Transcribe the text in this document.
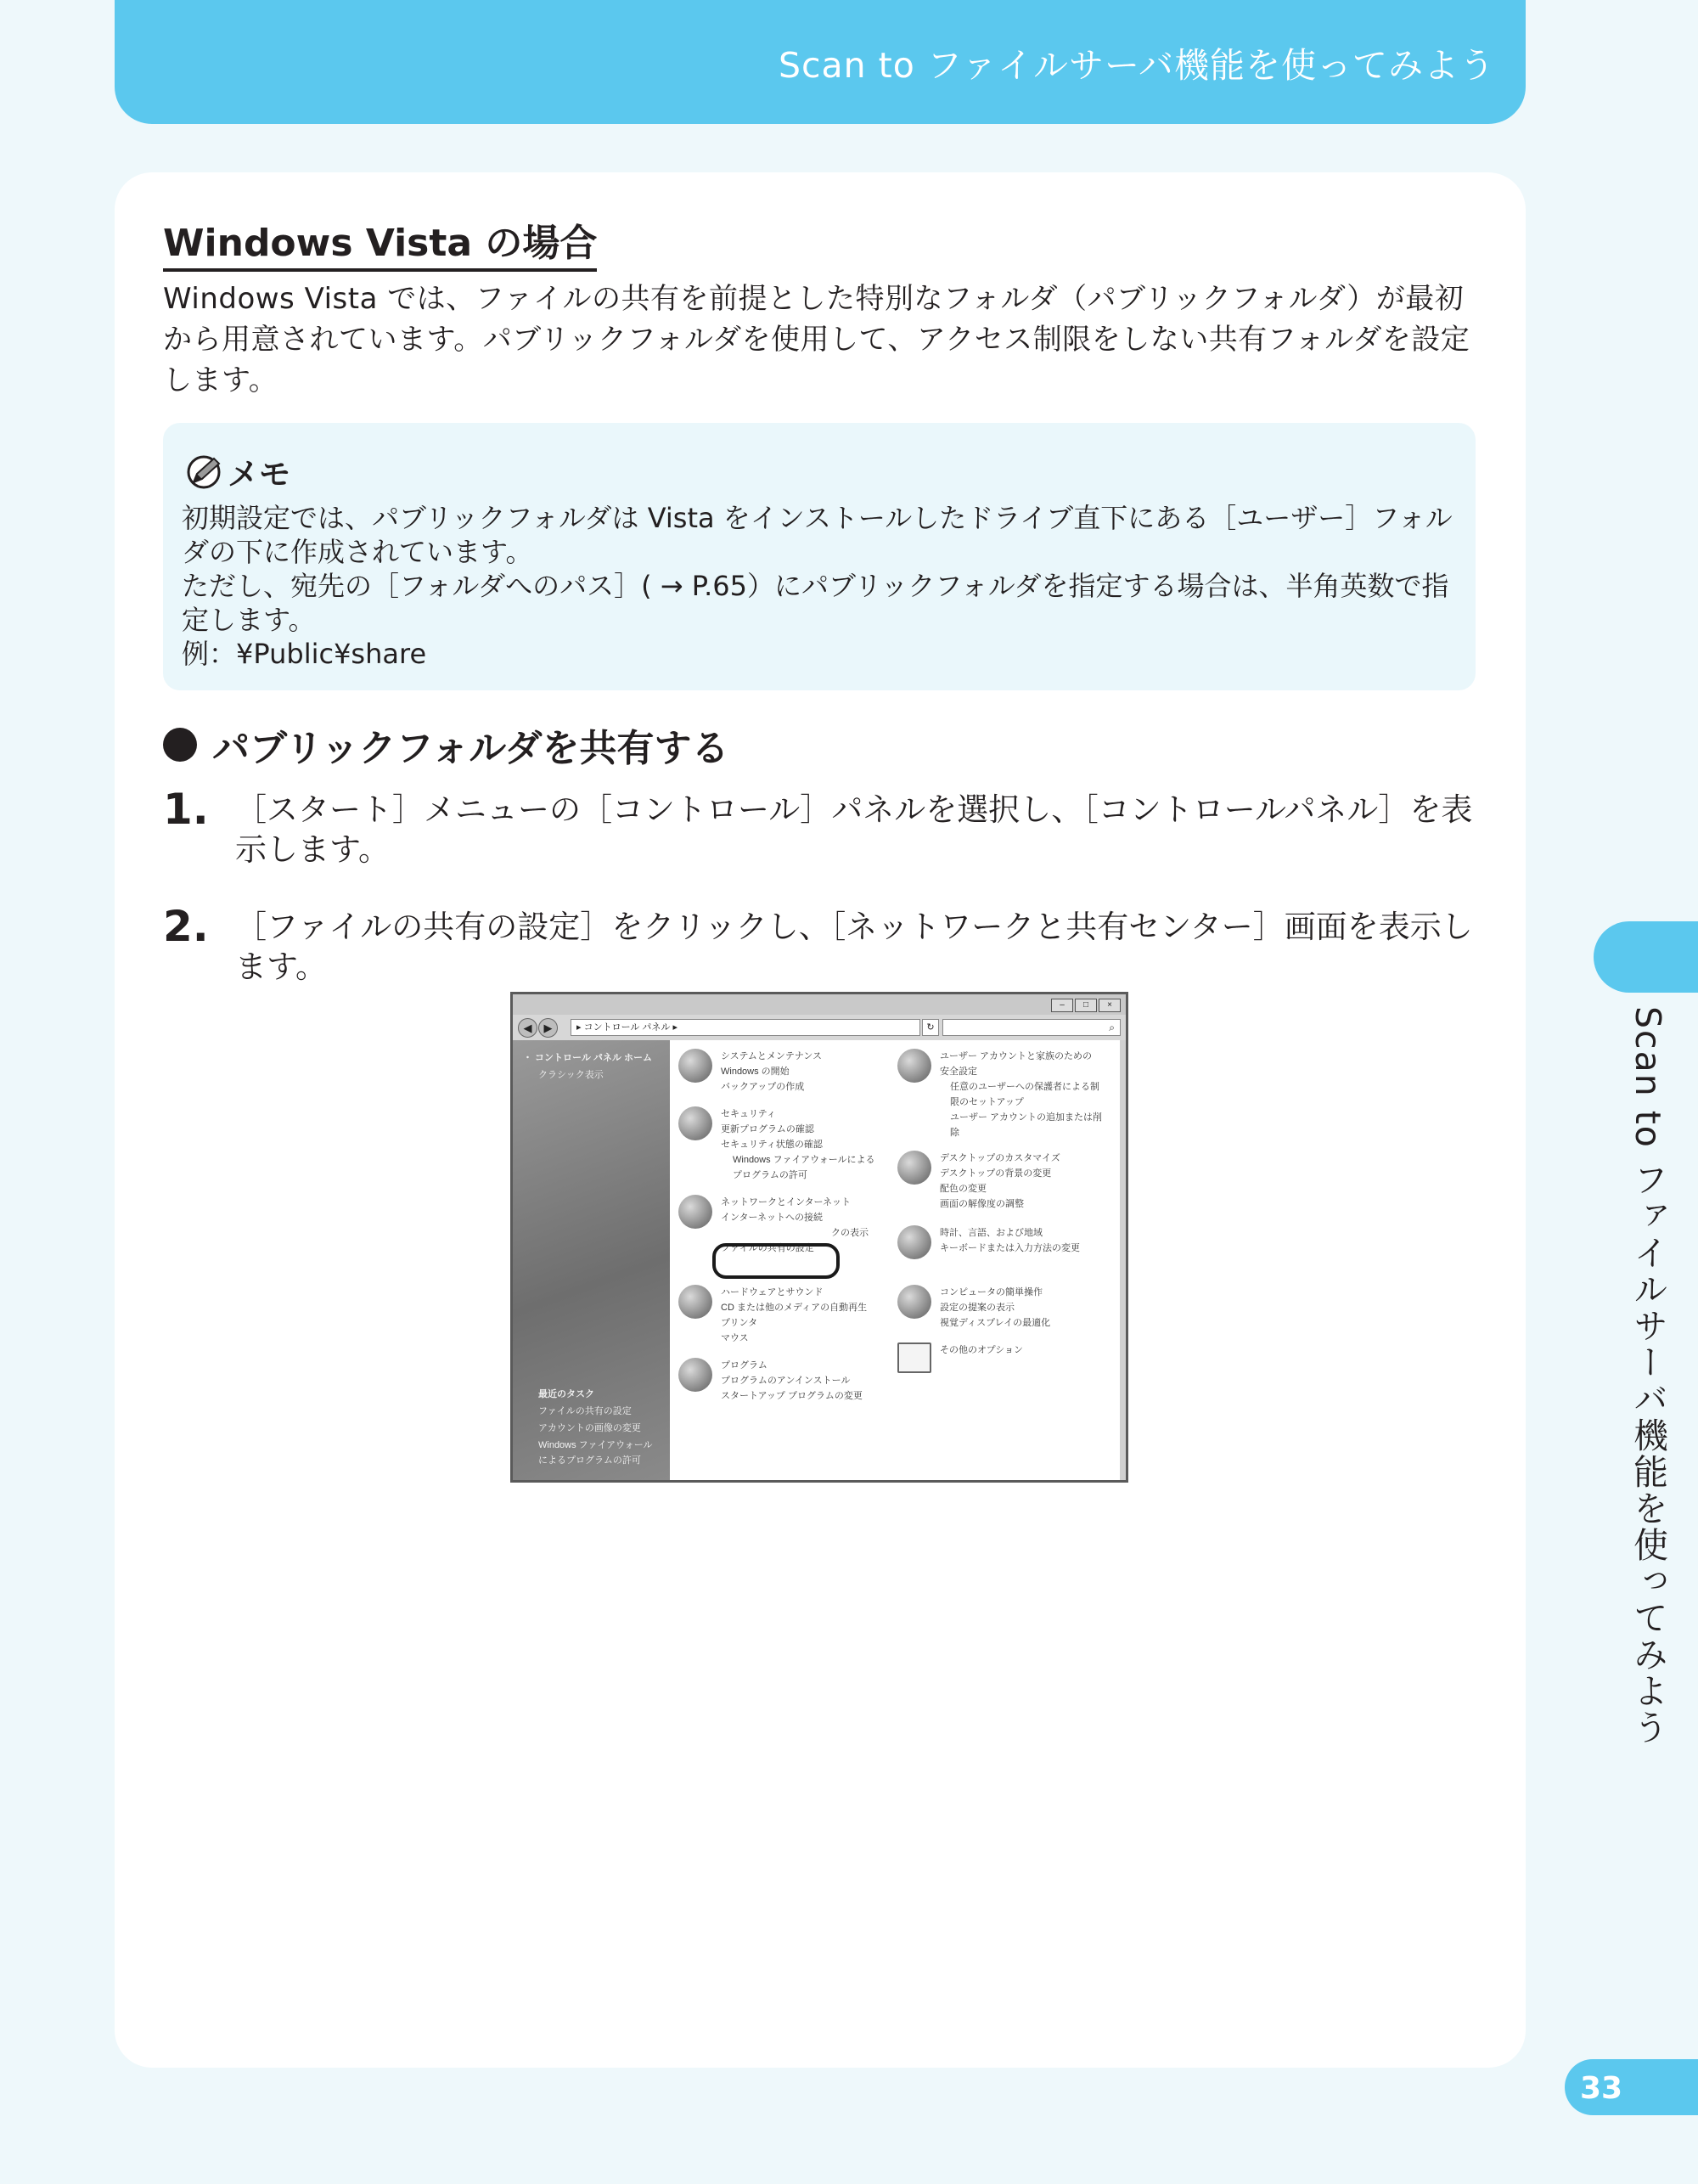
Scan to ファイルサーバ機能を使ってみよう
Windows Vista の場合

Windows Vista では、ファイルの共有を前提とした特別なフォルダ（パブリックフォルダ）が最初から用意されています。パブリックフォルダを使用して、アクセス制限をしない共有フォルダを設定します。

メモ

初期設定では、パブリックフォルダは Vista をインストールしたドライブ直下にある［ユーザー］フォルダの下に作成されています。

ただし、宛先の［フォルダへのパス］( → P.65）にパブリックフォルダを指定する場合は、半角英数で指定します。

例：¥Public¥share

パブリックフォルダを共有する
1. ［スタート］メニューの［コントロール］パネルを選択し、［コントロールパネル］を表示します。
2. ［ファイルの共有の設定］をクリックし、［ネットワークと共有センター］画面を表示します。
–	□	×
◀	▶	▸ コントロール パネル ▸	↻	⌕
・ コントロール パネル ホーム
クラシック表示
最近のタスク
ファイルの共有の設定
アカウントの画像の変更
Windows ファイアウォール
によるプログラムの許可
システムとメンテナンス
Windows の開始
バックアップの作成
セキュリティ
更新プログラムの確認
セキュリティ状態の確認
Windows ファイアウォールによる
プログラムの許可
ネットワークとインターネット
インターネットへの接続
クの表示
ファイルの共有の設定
ハードウェアとサウンド
CD または他のメディアの自動再生
プリンタ
マウス
プログラム
プログラムのアンインストール
スタートアップ プログラムの変更
ユーザー アカウントと家族のための
安全設定
任意のユーザーへの保護者による制
限のセットアップ
ユーザー アカウントの追加または削
除
デスクトップのカスタマイズ
デスクトップの背景の変更
配色の変更
画面の解像度の調整
時計、言語、および地域
キーボードまたは入力方法の変更
コンピュータの簡単操作
設定の提案の表示
視覚ディスプレイの最適化
その他のオプション	Scan to ファイルサーバ機能を使ってみよう
33
